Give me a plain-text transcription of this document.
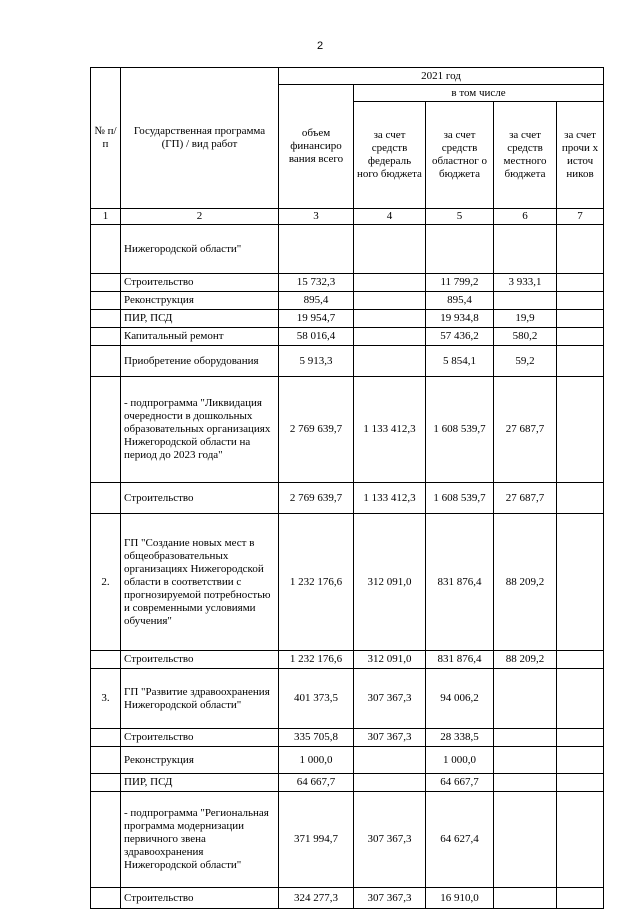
2
№ п/п	Государственная программа (ГП) / вид работ	2021 год				
		объем финансиро вания всего	в том числе			
			за счет средств федераль ного бюджета	за счет средств областног о бюджета	за счет средств местного бюджета	за счет прочи х источ ников
1	2	3	4	5	6	7
	Нижегородской области"					
	Строительство	15 732,3		11 799,2	3 933,1	
	Реконструкция	895,4		895,4		
	ПИР, ПСД	19 954,7		19 934,8	19,9	
	Капитальный ремонт	58 016,4		57 436,2	580,2	
	Приобретение оборудования	5 913,3		5 854,1	59,2	
	- подпрограмма "Ликвидация очередности в дошкольных образовательных организациях Нижегородской области на период до 2023 года"	2 769 639,7	1 133 412,3	1 608 539,7	27 687,7	
	Строительство	2 769 639,7	1 133 412,3	1 608 539,7	27 687,7	
2.	ГП "Создание новых мест в общеобразовательных организациях Нижегородской области в соответствии с прогнозируемой потребностью и современными условиями обучения"	1 232 176,6	312 091,0	831 876,4	88 209,2	
	Строительство	1 232 176,6	312 091,0	831 876,4	88 209,2	
3.	ГП "Развитие здравоохранения Нижегородской области"	401 373,5	307 367,3	94 006,2		
	Строительство	335 705,8	307 367,3	28 338,5		
	Реконструкция	1 000,0		1 000,0		
	ПИР, ПСД	64 667,7		64 667,7		
	- подпрограмма "Региональная программа модернизации первичного звена здравоохранения Нижегородской области"	371 994,7	307 367,3	64 627,4		
	Строительство	324 277,3	307 367,3	16 910,0		
